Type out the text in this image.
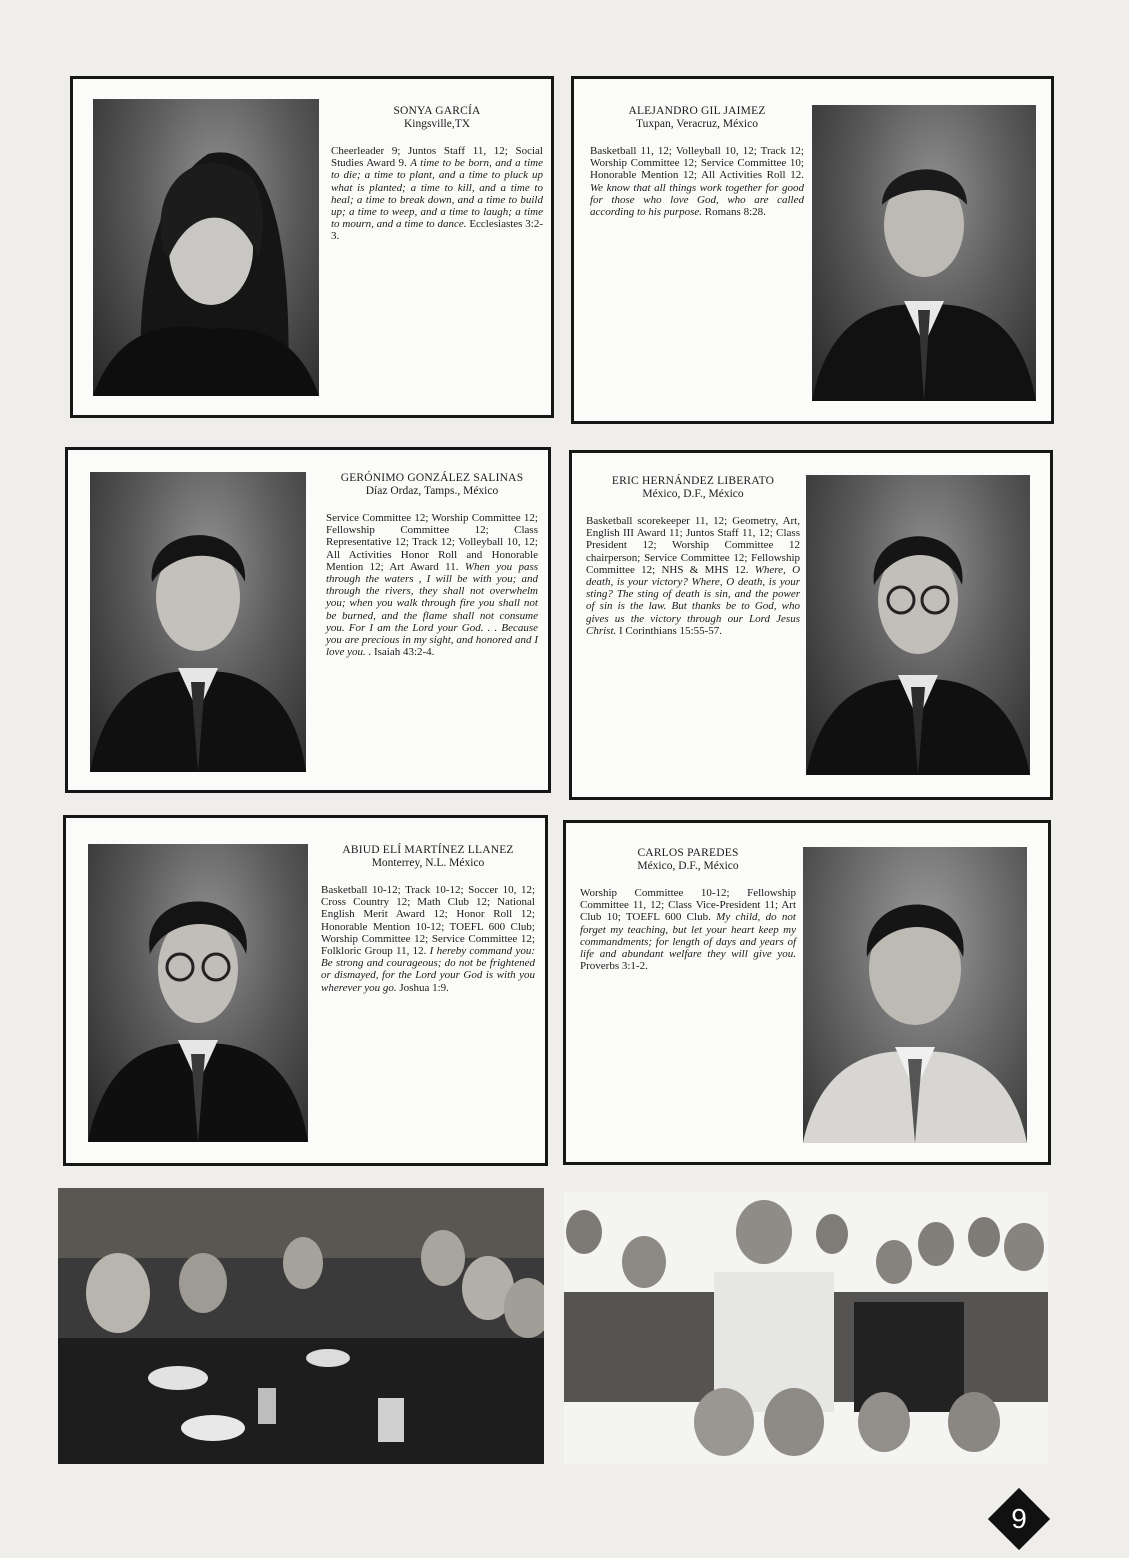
SONYA GARCÍA
Kingsville,TX
Cheerleader 9; Juntos Staff 11, 12; Social Studies Award 9. A time to be born, and a time to die; a time to plant, and a time to pluck up what is planted; a time to kill, and a time to heal; a time to break down, and a time to build up; a time to weep, and a time to laugh; a time to mourn, and a time to dance. Ecclesiastes 3:2-3.
ALEJANDRO GIL JAIMEZ
Tuxpan, Veracruz, México
Basketball 11, 12; Volleyball 10, 12; Track 12; Worship Committee 12; Service Committee 10; Honorable Mention 12; All Activities Roll 12. We know that all things work together for good for those who love God, who are called according to his purpose. Romans 8:28.
GERÓNIMO GONZÁLEZ SALINAS
Díaz Ordaz, Tamps., México
Service Committee 12; Worship Committee 12; Fellowship Committee 12; Class Representative 12; Track 12; Volleyball 10, 12; All Activities Honor Roll and Honorable Mention 12; Art Award 11. When you pass through the waters , I will be with you; and through the rivers, they shall not overwhelm you; when you walk through fire you shall not be burned, and the flame shall not consume you. For I am the Lord your God. . . Because you are precious in my sight, and honored and I love you. . Isaiah 43:2-4.
ERIC HERNÁNDEZ LIBERATO
México, D.F., México
Basketball scorekeeper 11, 12; Geometry, Art, English III Award 11; Juntos Staff 11, 12; Class President 12; Worship Committee 12 chairperson; Service Committee 12; Fellowship Committee 12; NHS & MHS 12. Where, O death, is your victory? Where, O death, is your sting? The sting of death is sin, and the power of sin is the law. But thanks be to God, who gives us the victory through our Lord Jesus Christ. I Corinthians 15:55-57.
ABIUD ELÍ MARTÍNEZ LLANEZ
Monterrey, N.L. México
Basketball 10-12; Track 10-12; Soccer 10, 12; Cross Country 12; Math Club 12; National English Merit Award 12; Honor Roll 12; Honorable Mention 10-12; TOEFL 600 Club; Worship Committee 12; Service Committee 12; Folkloric Group 11, 12. I hereby command you: Be strong and courageous; do not be frightened or dismayed, for the Lord your God is with you wherever you go. Joshua 1:9.
CARLOS PAREDES
México, D.F., México
Worship Committee 10-12; Fellowship Committee 11, 12; Class Vice-President 11; Art Club 10; TOEFL 600 Club. My child, do not forget my teaching, but let your heart keep my commandments; for length of days and years of life and abundant welfare they will give you. Proverbs 3:1-2.
9
